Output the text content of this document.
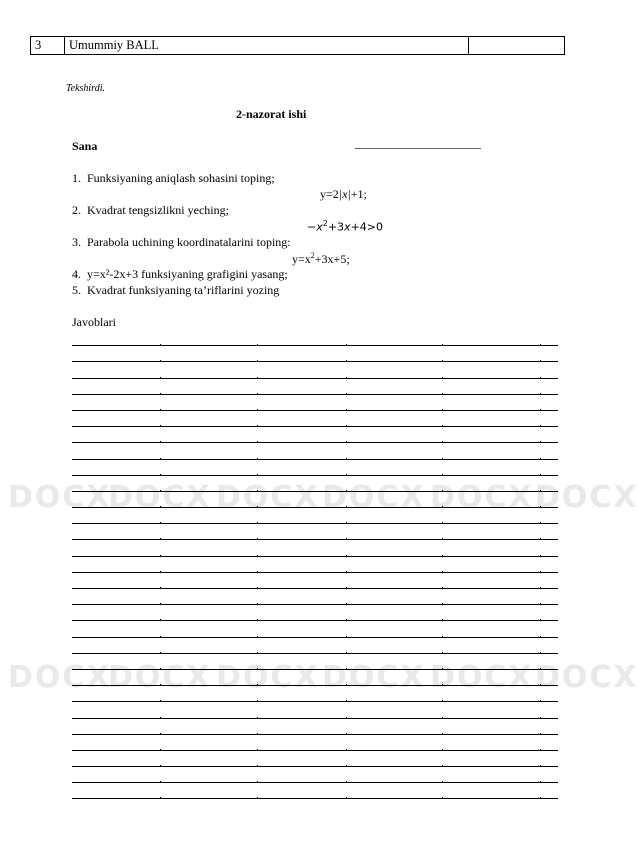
3	Umummiy BALL
DOCX
DOCX DOCX DOCX DOCX DOCX
DOCX
DOCX DOCX DOCX DOCX DOCX
Tekshirdi.
2-nazorat ishi
Sana	_____________________
1. Funksiyaning aniqlash sohasini toping;
y=2|x|+1;
2. Kvadrat tengsizlikni yeching;
$-x^2+3x+4>0$
3. Parabola uchining koordinatalarini toping:
$y=x^2+3x+5$;
4. y=x²-2x+3 funksiyaning grafigini yasang;
5. Kvadrat funksiyaning ta’riflarini yozing
Javoblari
